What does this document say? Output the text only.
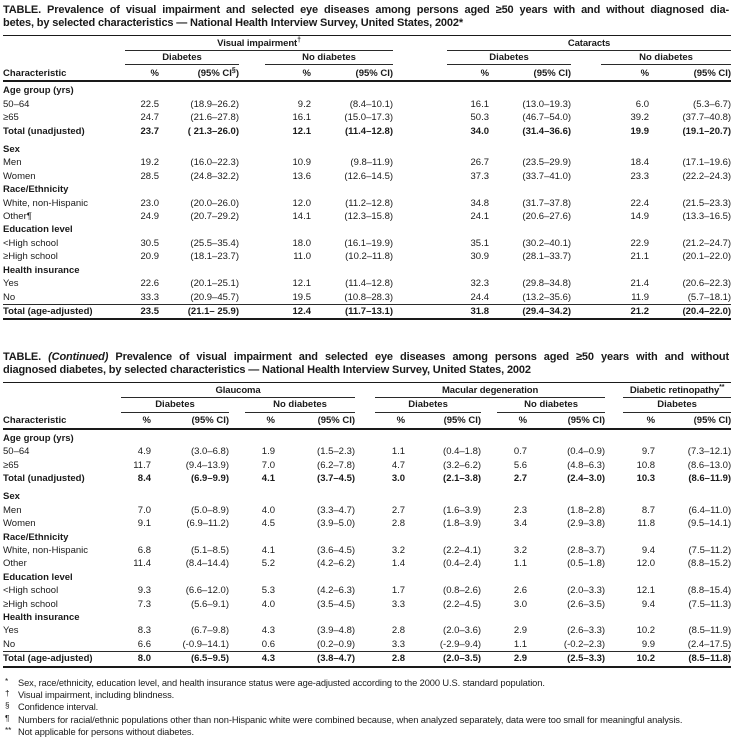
TABLE. Prevalence of visual impairment and selected eye diseases among persons aged ≥50 years with and without diagnosed dia-
betes, by selected characteristics — National Health Interview Survey, United States, 2002*
	Visual impairment†						Cataracts				
	Diabetes			No diabetes			Diabetes			No diabetes	
Characteristic	%	(95% CI§)		%	(95% CI)		%	(95% CI)		%	(95% CI)
Age group (yrs)											
50–64	22.5	(18.9–26.2)		9.2	(8.4–10.1)		16.1	(13.0–19.3)		6.0	(5.3–6.7)
≥65	24.7	(21.6–27.8)		16.1	(15.0–17.3)		50.3	(46.7–54.0)		39.2	(37.7–40.8)
Total (unadjusted)	23.7	( 21.3–26.0)		12.1	(11.4–12.8)		34.0	(31.4–36.6)		19.9	(19.1–20.7)

Sex											
Men	19.2	(16.0–22.3)		10.9	(9.8–11.9)		26.7	(23.5–29.9)		18.4	(17.1–19.6)
Women	28.5	(24.8–32.2)		13.6	(12.6–14.5)		37.3	(33.7–41.0)		23.3	(22.2–24.3)
Race/Ethnicity											
White, non-Hispanic	23.0	(20.0–26.0)		12.0	(11.2–12.8)		34.8	(31.7–37.8)		22.4	(21.5–23.3)
Other¶	24.9	(20.7–29.2)		14.1	(12.3–15.8)		24.1	(20.6–27.6)		14.9	(13.3–16.5)
Education level											
<High school	30.5	(25.5–35.4)		18.0	(16.1–19.9)		35.1	(30.2–40.1)		22.9	(21.2–24.7)
≥High school	20.9	(18.1–23.7)		11.0	(10.2–11.8)		30.9	(28.1–33.7)		21.1	(20.1–22.0)
Health insurance											
Yes	22.6	(20.1–25.1)		12.1	(11.4–12.8)		32.3	(29.8–34.8)		21.4	(20.6–22.3)
No	33.3	(20.9–45.7)		19.5	(10.8–28.3)		24.4	(13.2–35.6)		11.9	(5.7–18.1)
Total (age-adjusted)	23.5	(21.1– 25.9)		12.4	(11.7–13.1)		31.8	(29.4–34.2)		21.2	(20.4–22.0)
TABLE. (Continued) Prevalence of visual impairment and selected eye diseases among persons aged ≥50 years with and without
diagnosed diabetes, by selected characteristics — National Health Interview Survey, United States, 2002
	Glaucoma						Macular degeneration						Diabetic retinopathy**
	Diabetes			No diabetes			Diabetes			No diabetes			Diabetes	
Characteristic	%	(95% CI)		%	(95% CI)		%	(95% CI)		%	(95% CI)		%	(95% CI)
Age group (yrs)														
50–64	4.9	(3.0–6.8)		1.9	(1.5–2.3)		1.1	(0.4–1.8)		0.7	(0.4–0.9)		9.7	(7.3–12.1)
≥65	11.7	(9.4–13.9)		7.0	(6.2–7.8)		4.7	(3.2–6.2)		5.6	(4.8–6.3)		10.8	(8.6–13.0)
Total (unadjusted)	8.4	(6.9–9.9)		4.1	(3.7–4.5)		3.0	(2.1–3.8)		2.7	(2.4–3.0)		10.3	(8.6–11.9)

Sex														
Men	7.0	(5.0–8.9)		4.0	(3.3–4.7)		2.7	(1.6–3.9)		2.3	(1.8–2.8)		8.7	(6.4–11.0)
Women	9.1	(6.9–11.2)		4.5	(3.9–5.0)		2.8	(1.8–3.9)		3.4	(2.9–3.8)		11.8	(9.5–14.1)
Race/Ethnicity														
White, non-Hispanic	6.8	(5.1–8.5)		4.1	(3.6–4.5)		3.2	(2.2–4.1)		3.2	(2.8–3.7)		9.4	(7.5–11.2)
Other	11.4	(8.4–14.4)		5.2	(4.2–6.2)		1.4	(0.4–2.4)		1.1	(0.5–1.8)		12.0	(8.8–15.2)
Education level														
<High school	9.3	(6.6–12.0)		5.3	(4.2–6.3)		1.7	(0.8–2.6)		2.6	(2.0–3.3)		12.1	(8.8–15.4)
≥High school	7.3	(5.6–9.1)		4.0	(3.5–4.5)		3.3	(2.2–4.5)		3.0	(2.6–3.5)		9.4	(7.5–11.3)
Health insurance														
Yes	8.3	(6.7–9.8)		4.3	(3.9–4.8)		2.8	(2.0–3.6)		2.9	(2.6–3.3)		10.2	(8.5–11.9)
No	6.6	(-0.9–14.1)		0.6	(0.2–0.9)		3.3	(-2.9–9.4)		1.1	(-0.2–2.3)		9.9	(2.4–17.5)
Total (age-adjusted)	8.0	(6.5–9.5)		4.3	(3.8–4.7)		2.8	(2.0–3.5)		2.9	(2.5–3.3)		10.2	(8.5–11.8)
* Sex, race/ethnicity, education level, and health insurance status were age-adjusted according to the 2000 U.S. standard population.
† Visual impairment, including blindness.
§ Confidence interval.
¶ Numbers for racial/ethnic populations other than non-Hispanic white were combined because, when analyzed separately, data were too small for meaningful analysis.
** Not applicable for persons without diabetes.
